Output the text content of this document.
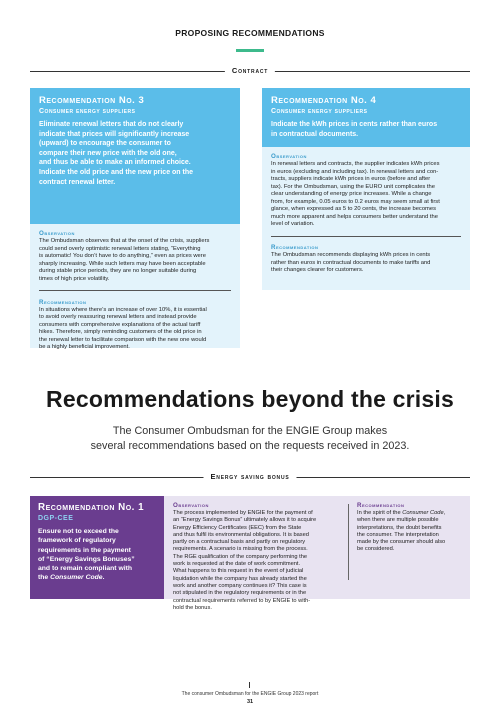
PROPOSING RECOMMENDATIONS
Contract
Recommendation No. 3
Consumer energy suppliers
Eliminate renewal letters that do not clearly
indicate that prices will significantly increase
(upward) to encourage the consumer to
compare their new price with the old one,
and thus be able to make an informed choice.
Indicate the old price and the new price on the
contract renewal letter.
Observation
The Ombudsman observes that at the onset of the crisis, suppliers
could send overly optimistic renewal letters stating, “Everything
is automatic! You don’t have to do anything,” even as prices were
sharply increasing. While such letters may have been acceptable
during stable price periods, they are no longer suitable during
times of high price volatility.
Recommendation
In situations where there’s an increase of over 10%, it is essential
to avoid overly reassuring renewal letters and instead provide
consumers with comprehensive explanations of the actual tariff
hikes. Therefore, simply reminding customers of the old price in
the renewal letter to facilitate comparison with the new one would
be a highly beneficial improvement.
Recommendation No. 4
Consumer energy suppliers
Indicate the kWh prices in cents rather than euros
in contractual documents.
Observation
In renewal letters and contracts, the supplier indicates kWh prices
in euros (excluding and including tax). In renewal letters and con-
tracts, suppliers indicate kWh prices in euros (before and after
tax). For the Ombudsman, using the EURO unit complicates the
clear understanding of energy price increases. While a change
from, for example, 0.05 euros to 0.2 euros may seem small at first
glance, when expressed as 5 to 20 cents, the increase becomes
much more apparent and helps consumers better understand the
level of variation.
Recommendation
The Ombudsman recommends displaying kWh prices in cents
rather than euros in contractual documents to make tariffs and
their changes clearer for customers.
Recommendations beyond the crisis
The Consumer Ombudsman for the ENGIE Group makes
several recommendations based on the requests received in 2023.
Energy saving bonus
Recommendation No. 1
DGP-CEE
Ensure not to exceed the
framework of regulatory
requirements in the payment
of “Energy Savings Bonuses”
and to remain compliant with
the Consumer Code.
Observation
The process implemented by ENGIE for the payment of
an “Energy Savings Bonus” ultimately allows it to acquire
Energy Efficiency Certificates (EEC) from the State
and thus fulfil its environmental obligations. It is based
partly on a contractual basis and partly on regulatory
requirements. A scenario is missing from the process.
The RGE qualification of the company performing the
work is requested at the date of work commitment.
What happens to this request in the event of judicial
liquidation while the company has already started the
work and another company continues it? This case is
not stipulated in the regulatory requirements or in the
contractual requirements referred to by ENGIE to with-
hold the bonus.
Recommendation
In the spirit of the Consumer Code,
when there are multiple possible
interpretations, the doubt benefits
the consumer. The interpretation
made by the consumer should also
be considered.
The consumer Ombudsman for the ENGIE Group 2023 report
31
